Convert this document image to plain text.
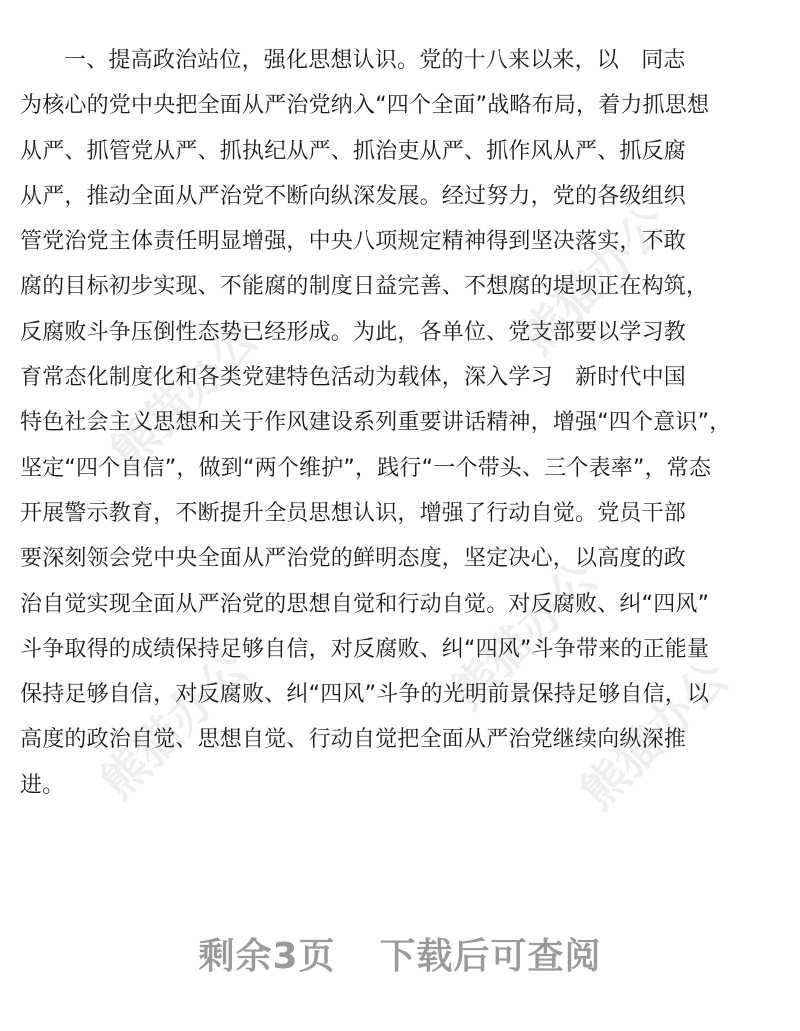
熊猫办公
熊猫办公
熊猫办公
熊猫办公	熊猫办公
一、提高政治站位，强化思想认识。党的十八来以来，以　同志
为核心的党中央把全面从严治党纳入“四个全面”战略布局，着力抓思想
从严、抓管党从严、抓执纪从严、抓治吏从严、抓作风从严、抓反腐
从严，推动全面从严治党不断向纵深发展。经过努力，党的各级组织
管党治党主体责任明显增强，中央八项规定精神得到坚决落实，不敢
腐的目标初步实现、不能腐的制度日益完善、不想腐的堤坝正在构筑，
反腐败斗争压倒性态势已经形成。为此，各单位、党支部要以学习教
育常态化制度化和各类党建特色活动为载体，深入学习　新时代中国
特色社会主义思想和关于作风建设系列重要讲话精神，增强“四个意识”，
坚定“四个自信”，做到“两个维护”，践行“一个带头、三个表率”，常态
开展警示教育，不断提升全员思想认识，增强了行动自觉。党员干部
要深刻领会党中央全面从严治党的鲜明态度，坚定决心，以高度的政
治自觉实现全面从严治党的思想自觉和行动自觉。对反腐败、纠“四风”
斗争取得的成绩保持足够自信，对反腐败、纠“四风”斗争带来的正能量
保持足够自信，对反腐败、纠“四风”斗争的光明前景保持足够自信，以
高度的政治自觉、思想自觉、行动自觉把全面从严治党继续向纵深推
进。
剩余3页 下载后可查阅
